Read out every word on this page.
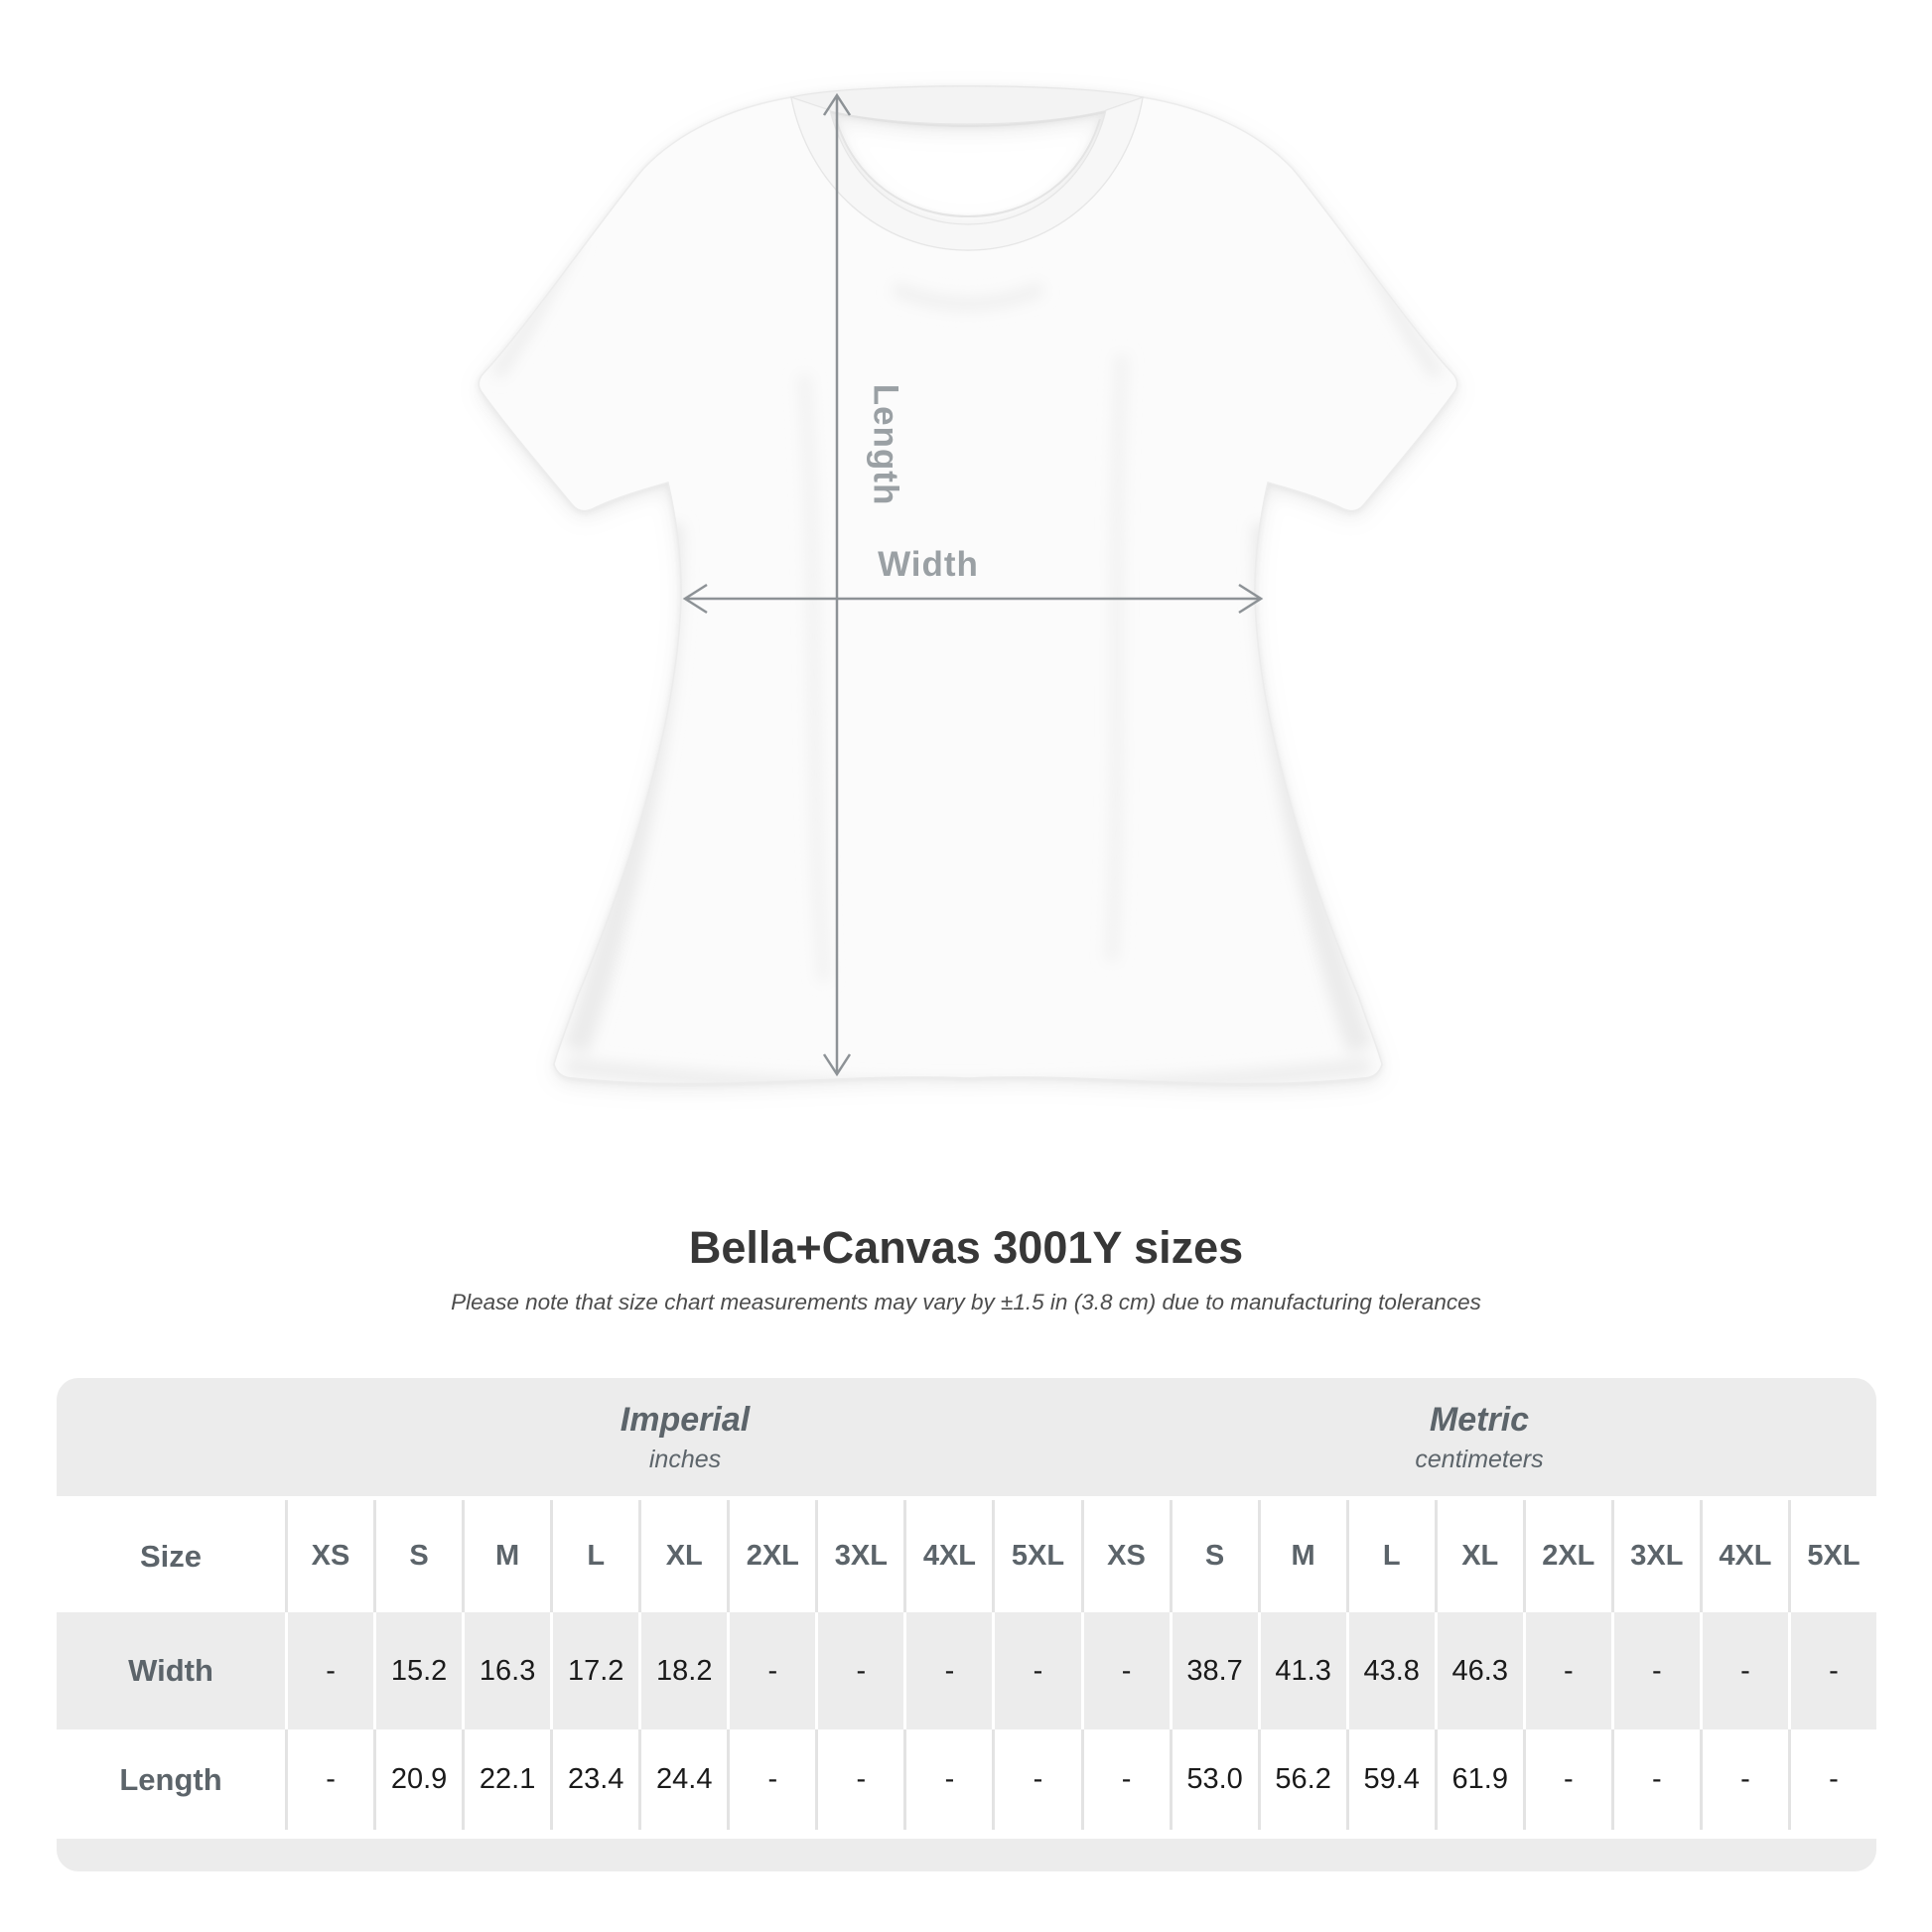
Length
Width
Bella+Canvas 3001Y sizes
Please note that size chart measurements may vary by ±1.5 in (3.8 cm) due to manufacturing tolerances
Imperial
inches
Metric
centimeters
Size	XS	S	M	L	XL	2XL	3XL	4XL	5XL	XS	S	M	L	XL	2XL	3XL	4XL	5XL
Width	-	15.2	16.3	17.2	18.2	-	-	-	-	-	38.7	41.3	43.8	46.3	-	-	-	-
Length	-	20.9	22.1	23.4	24.4	-	-	-	-	-	53.0	56.2	59.4	61.9	-	-	-	-
